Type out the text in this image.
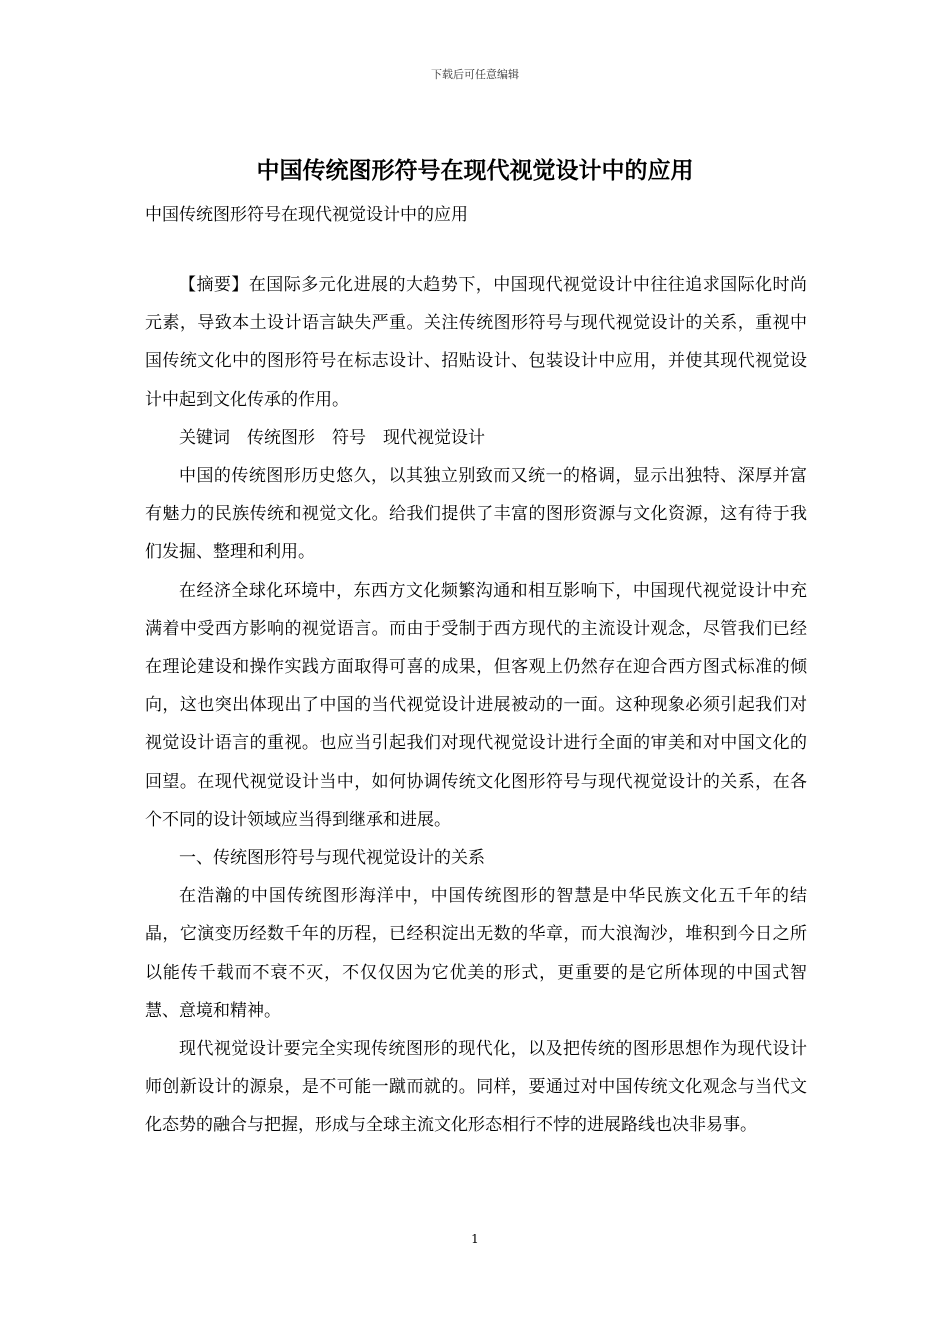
下载后可任意编辑
中国传统图形符号在现代视觉设计中的应用
中国传统图形符号在现代视觉设计中的应用

【摘要】在国际多元化进展的大趋势下，中国现代视觉设计中往往追求国际化时尚元素，导致本土设计语言缺失严重。关注传统图形符号与现代视觉设计的关系，重视中国传统文化中的图形符号在标志设计、招贴设计、包装设计中应用，并使其现代视觉设计中起到文化传承的作用。

关键词　传统图形　符号　现代视觉设计

中国的传统图形历史悠久，以其独立别致而又统一的格调，显示出独特、深厚并富有魅力的民族传统和视觉文化。给我们提供了丰富的图形资源与文化资源，这有待于我们发掘、整理和利用。

在经济全球化环境中，东西方文化频繁沟通和相互影响下，中国现代视觉设计中充满着中受西方影响的视觉语言。而由于受制于西方现代的主流设计观念，尽管我们已经在理论建设和操作实践方面取得可喜的成果，但客观上仍然存在迎合西方图式标准的倾向，这也突出体现出了中国的当代视觉设计进展被动的一面。这种现象必须引起我们对视觉设计语言的重视。也应当引起我们对现代视觉设计进行全面的审美和对中国文化的回望。在现代视觉设计当中，如何协调传统文化图形符号与现代视觉设计的关系，在各个不同的设计领域应当得到继承和进展。

一、传统图形符号与现代视觉设计的关系

在浩瀚的中国传统图形海洋中，中国传统图形的智慧是中华民族文化五千年的结晶，它演变历经数千年的历程，已经积淀出无数的华章，而大浪淘沙，堆积到今日之所以能传千载而不衰不灭，不仅仅因为它优美的形式，更重要的是它所体现的中国式智慧、意境和精神。

现代视觉设计要完全实现传统图形的现代化，以及把传统的图形思想作为现代设计师创新设计的源泉，是不可能一蹴而就的。同样，要通过对中国传统文化观念与当代文化态势的融合与把握，形成与全球主流文化形态相行不悖的进展路线也决非易事。

1
